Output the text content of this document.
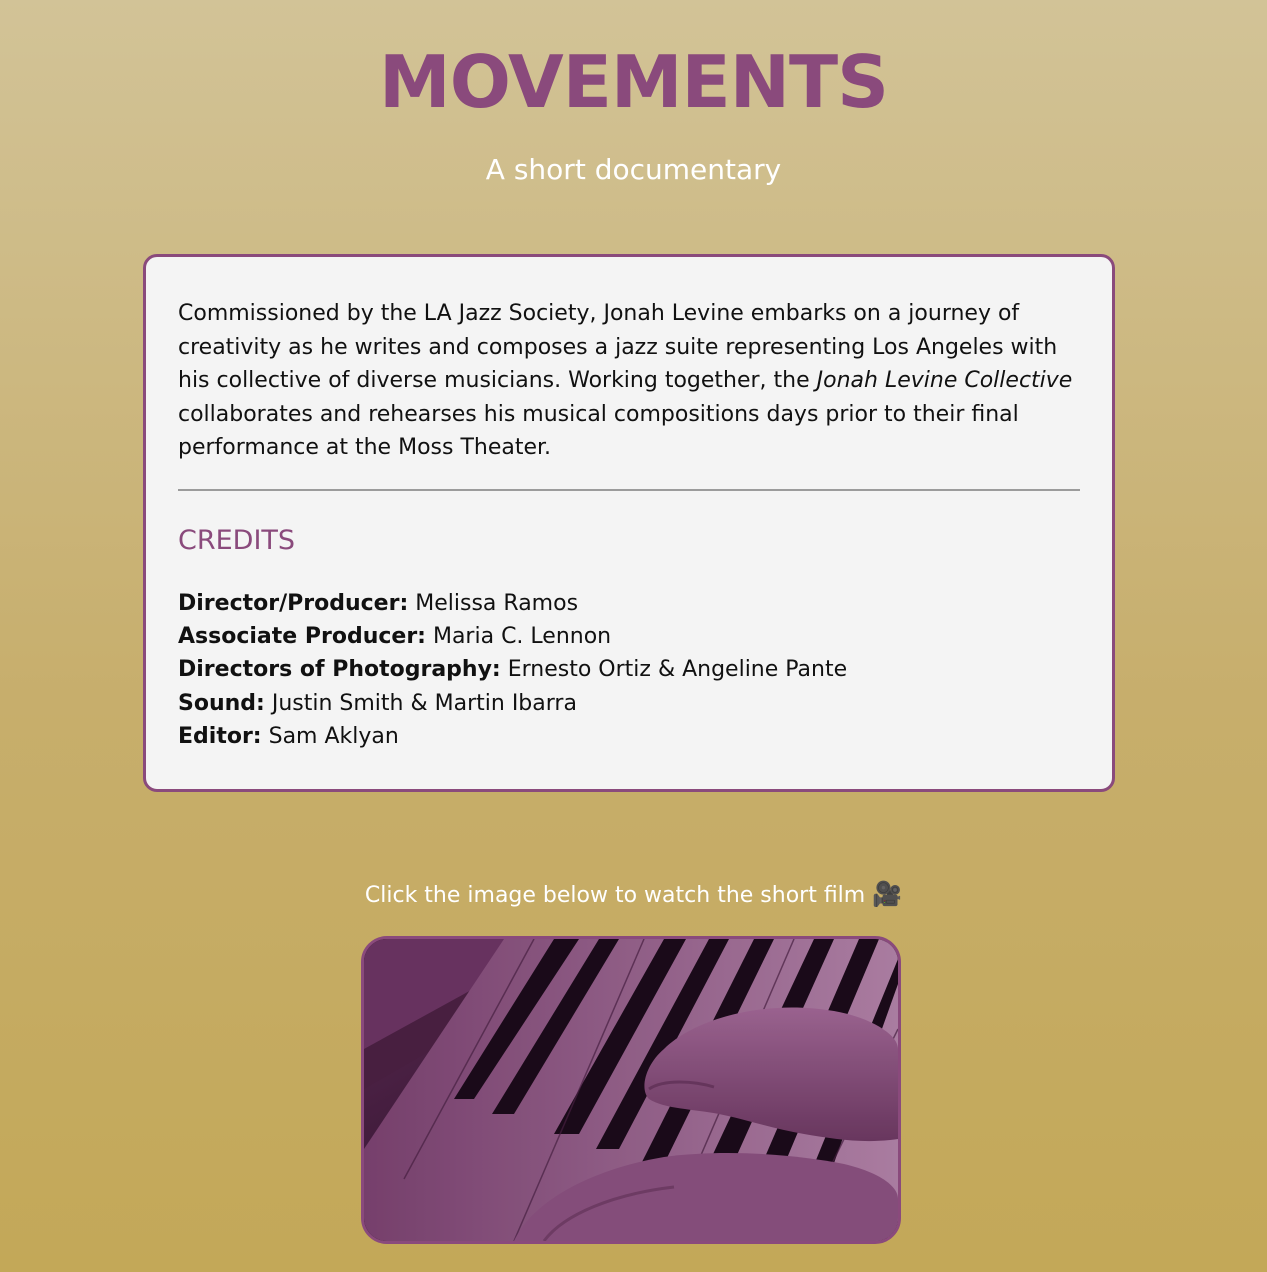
MOVEMENTS

A short documentary

Commissioned by the LA Jazz Society, Jonah Levine embarks on a journey of creativity as he writes and composes a jazz suite representing Los Angeles with his collective of diverse musicians. Working together, the Jonah Levine Collective collaborates and rehearses his musical compositions days prior to their final performance at the Moss Theater.

CREDITS
Director/Producer: Melissa Ramos
Associate Producer: Maria C. Lennon
Directors of Photography: Ernesto Ortiz & Angeline Pante
Sound: Justin Smith & Martin Ibarra
Editor: Sam Aklyan

Click the image below to watch the short film 🎥
